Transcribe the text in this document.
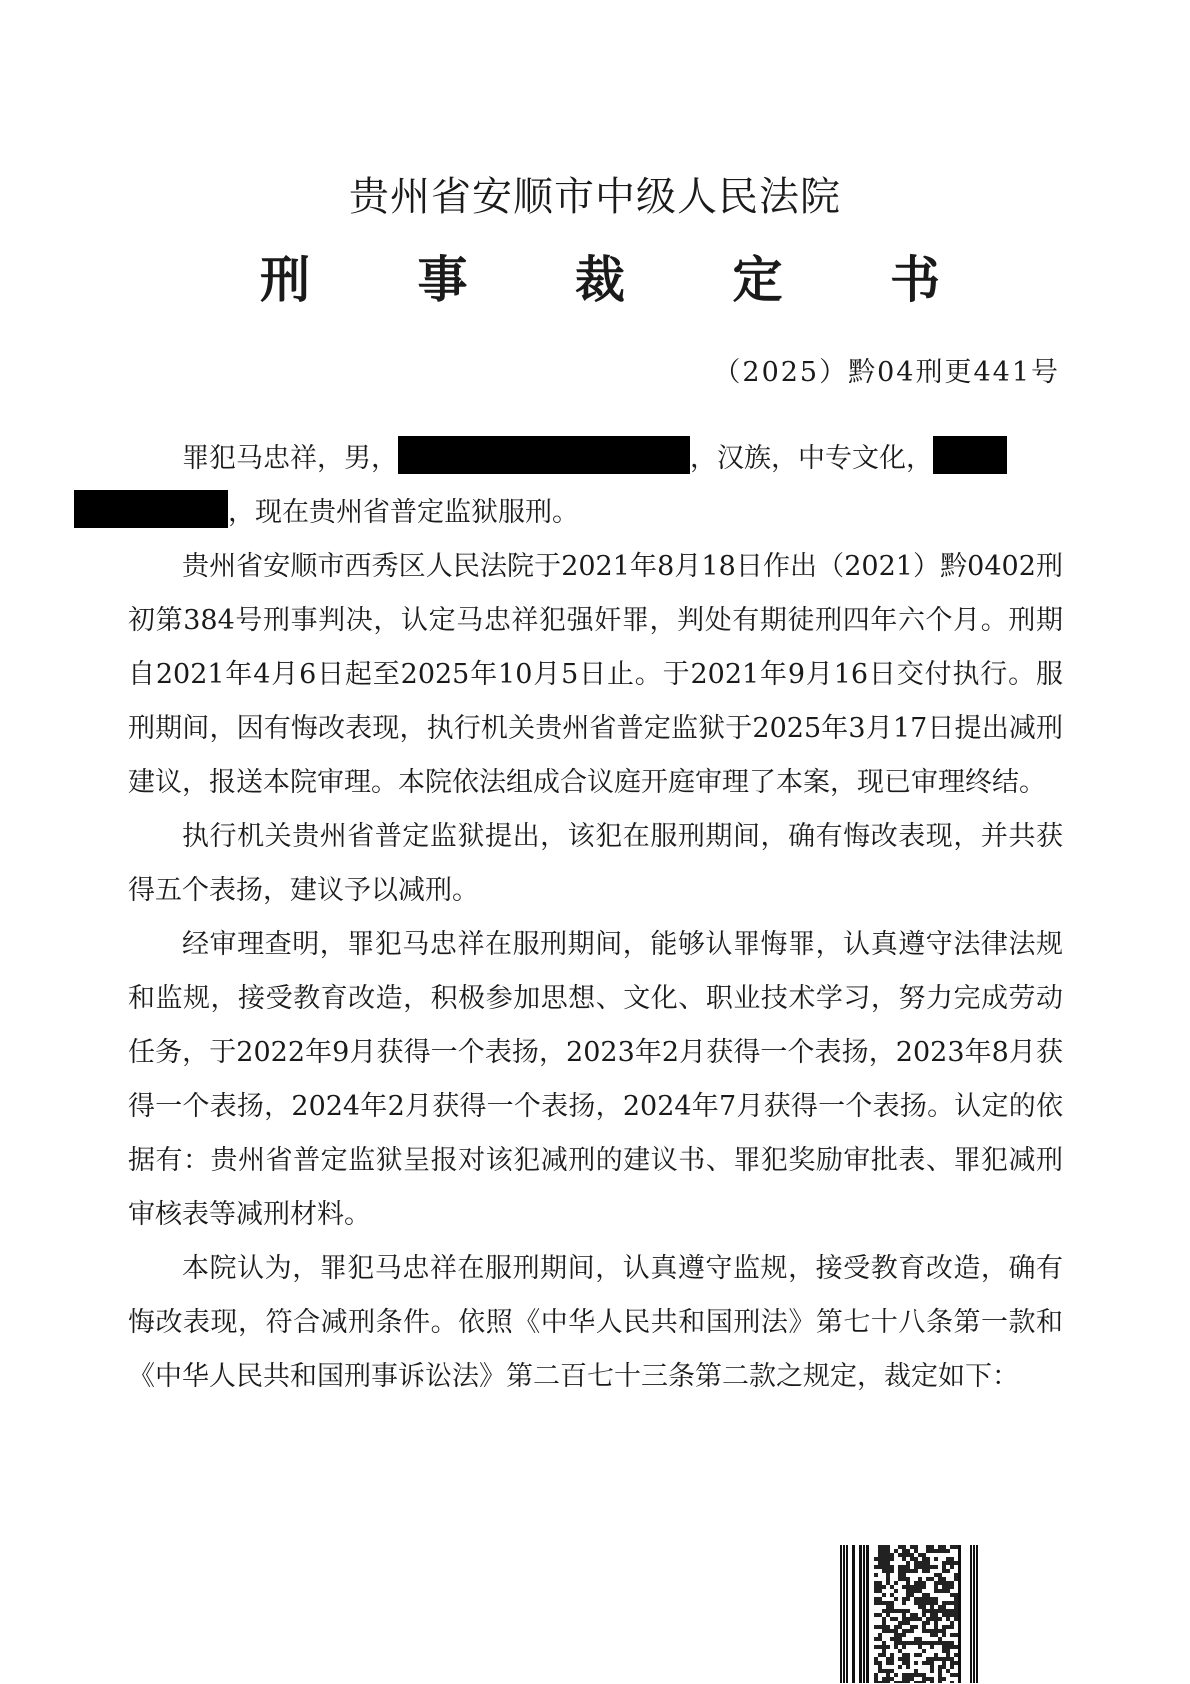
贵州省安顺市中级人民法院
刑 事 裁 定 书
（2025）黔04刑更441号

罪犯马忠祥，男，	，汉族，中专文化，
，现在贵州省普定监狱服刑。

贵州省安顺市西秀区人民法院于2021年8月18日作出（2021）黔0402刑初第384号刑事判决，认定马忠祥犯强奸罪，判处有期徒刑四年六个月。刑期自2021年4月6日起至2025年10月5日止。于2021年9月16日交付执行。服刑期间，因有悔改表现，执行机关贵州省普定监狱于2025年3月17日提出减刑建议，报送本院审理。本院依法组成合议庭开庭审理了本案，现已审理终结。

执行机关贵州省普定监狱提出，该犯在服刑期间，确有悔改表现，并共获得五个表扬，建议予以减刑。

经审理查明，罪犯马忠祥在服刑期间，能够认罪悔罪，认真遵守法律法规和监规，接受教育改造，积极参加思想、文化、职业技术学习，努力完成劳动任务，于2022年9月获得一个表扬，2023年2月获得一个表扬，2023年8月获得一个表扬，2024年2月获得一个表扬，2024年7月获得一个表扬。认定的依据有：贵州省普定监狱呈报对该犯减刑的建议书、罪犯奖励审批表、罪犯减刑审核表等减刑材料。

本院认为，罪犯马忠祥在服刑期间，认真遵守监规，接受教育改造，确有悔改表现，符合减刑条件。依照《中华人民共和国刑法》第七十八条第一款和《中华人民共和国刑事诉讼法》第二百七十三条第二款之规定，裁定如下：
